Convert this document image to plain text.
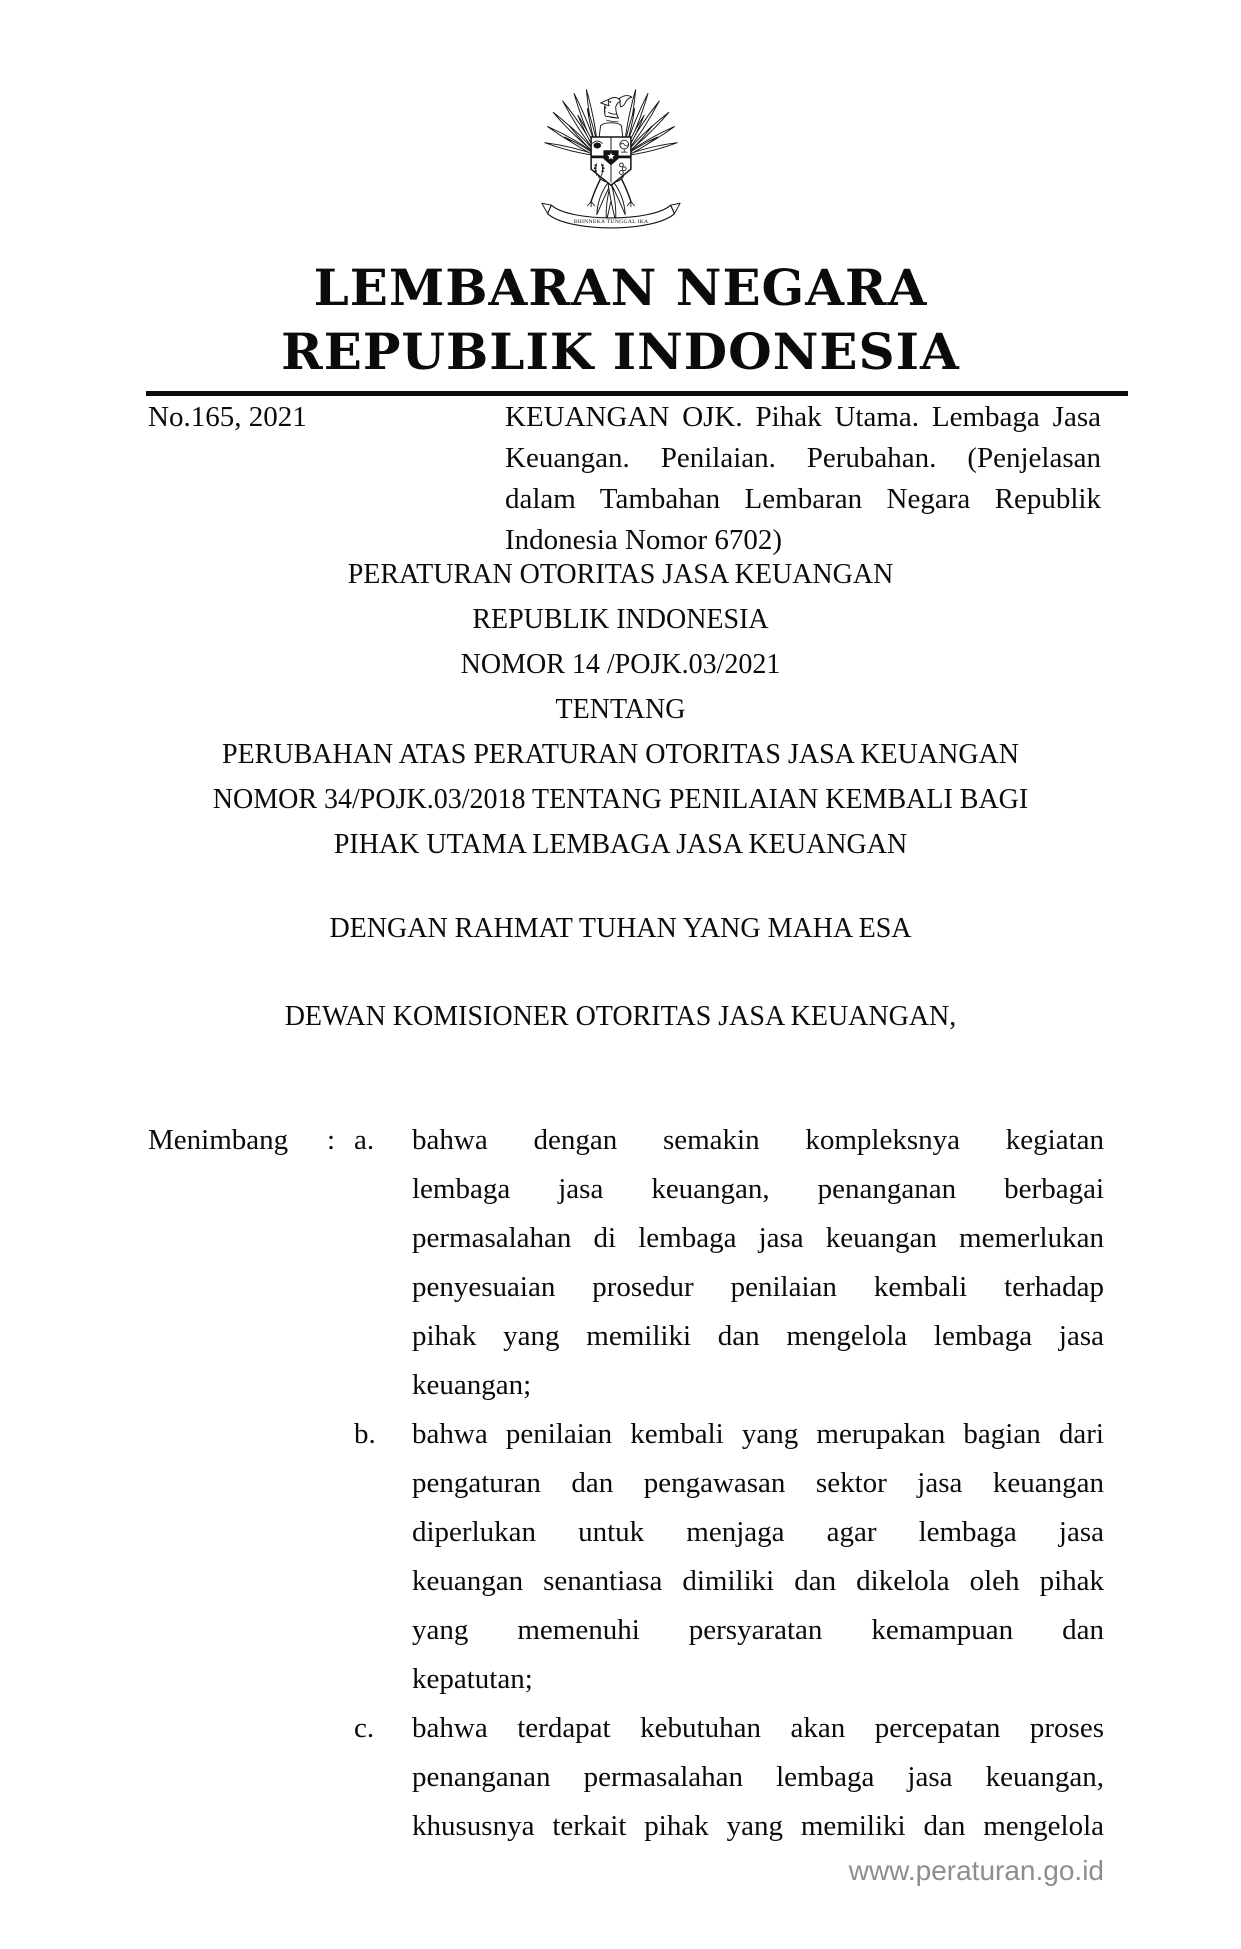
BHINNEKA TUNGGAL IKA
LEMBARAN NEGARA
REPUBLIK INDONESIA
No.165, 2021	KEUANGAN OJK. Pihak Utama. Lembaga Jasa
Keuangan. Penilaian. Perubahan. (Penjelasan
dalam Tambahan Lembaran Negara Republik
Indonesia Nomor 6702)
PERATURAN OTORITAS JASA KEUANGAN
REPUBLIK INDONESIA
NOMOR 14 /POJK.03/2021
TENTANG
PERUBAHAN ATAS PERATURAN OTORITAS JASA KEUANGAN
NOMOR 34/POJK.03/2018 TENTANG PENILAIAN KEMBALI BAGI
PIHAK UTAMA LEMBAGA JASA KEUANGAN
DENGAN RAHMAT TUHAN YANG MAHA ESA
DEWAN KOMISIONER OTORITAS JASA KEUANGAN,
Menimbang : a. bahwa dengan semakin kompleksnya kegiatan
lembaga jasa keuangan, penanganan berbagai
permasalahan di lembaga jasa keuangan memerlukan
penyesuaian prosedur penilaian kembali terhadap
pihak yang memiliki dan mengelola lembaga jasa
keuangan;
b. bahwa penilaian kembali yang merupakan bagian dari
pengaturan dan pengawasan sektor jasa keuangan
diperlukan untuk menjaga agar lembaga jasa
keuangan senantiasa dimiliki dan dikelola oleh pihak
yang memenuhi persyaratan kemampuan dan
kepatutan;
c. bahwa terdapat kebutuhan akan percepatan proses
penanganan permasalahan lembaga jasa keuangan,
khususnya terkait pihak yang memiliki dan mengelola
www.peraturan.go.id
